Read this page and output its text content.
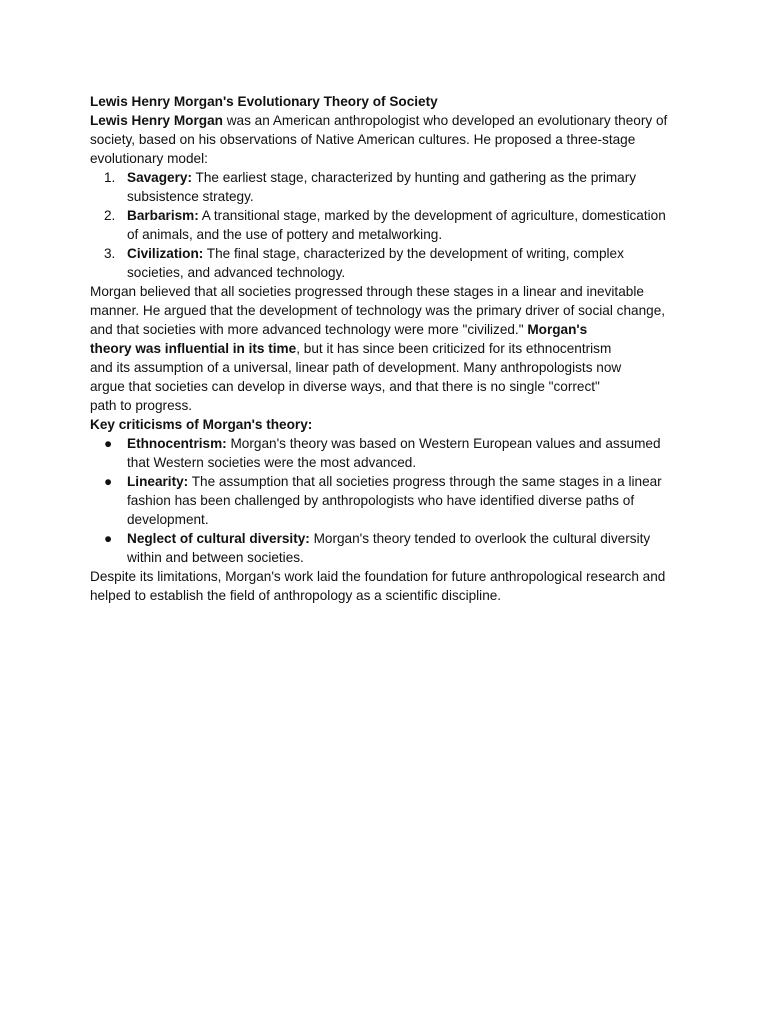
Lewis Henry Morgan's Evolutionary Theory of Society
Lewis Henry Morgan was an American anthropologist who developed an evolutionary theory of
society, based on his observations of Native American cultures. He proposed a three-stage
evolutionary model:
1. Savagery: The earliest stage, characterized by hunting and gathering as the primary
subsistence strategy.
2. Barbarism: A transitional stage, marked by the development of agriculture, domestication
of animals, and the use of pottery and metalworking.
3. Civilization: The final stage, characterized by the development of writing, complex
societies, and advanced technology.
Morgan believed that all societies progressed through these stages in a linear and inevitable
manner. He argued that the development of technology was the primary driver of social change,
and that societies with more advanced technology were more "civilized." Morgan's
theory was influential in its time, but it has since been criticized for its ethnocentrism
and its assumption of a universal, linear path of development. Many anthropologists now
argue that societies can develop in diverse ways, and that there is no single "correct"
path to progress.
Key criticisms of Morgan's theory:
● Ethnocentrism: Morgan's theory was based on Western European values and assumed
that Western societies were the most advanced.
● Linearity: The assumption that all societies progress through the same stages in a linear
fashion has been challenged by anthropologists who have identified diverse paths of
development.
● Neglect of cultural diversity: Morgan's theory tended to overlook the cultural diversity
within and between societies.
Despite its limitations, Morgan's work laid the foundation for future anthropological research and
helped to establish the field of anthropology as a scientific discipline.
